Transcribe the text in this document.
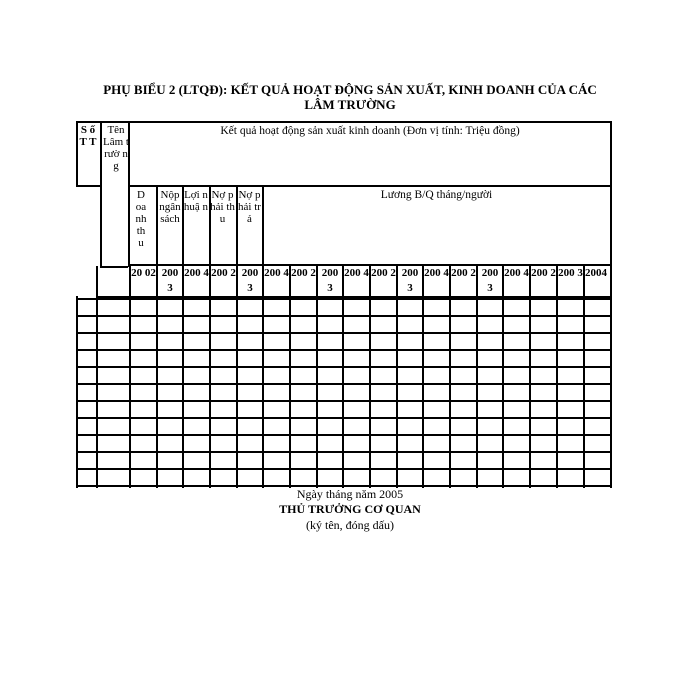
PHỤ BIỂU 2 (LTQĐ): KẾT QUẢ HOẠT ĐỘNG SẢN XUẤT, KINH DOANH CỦA CÁC
LÂM TRƯỜNG
S ố T T
Tên Lâm trườ ng
Kết quả hoạt động sản xuất kinh doanh (Đơn vị tính: Triệu đồng)
D oa nh th u
Nộp ngân sách
Lợi nhuậ n
Nợ phải thu
Nợ phải trả
Lương B/Q tháng/người
20 02 200 3
200 4 200 2 200 3
200 4 200 2 200 3
200 4 200 2 200 3
200 4 200 2 200 3
200 4 200 2 200 3 2004
Ngày tháng năm 2005
THỦ TRƯỞNG CƠ QUAN
(ký tên, đóng dấu)
